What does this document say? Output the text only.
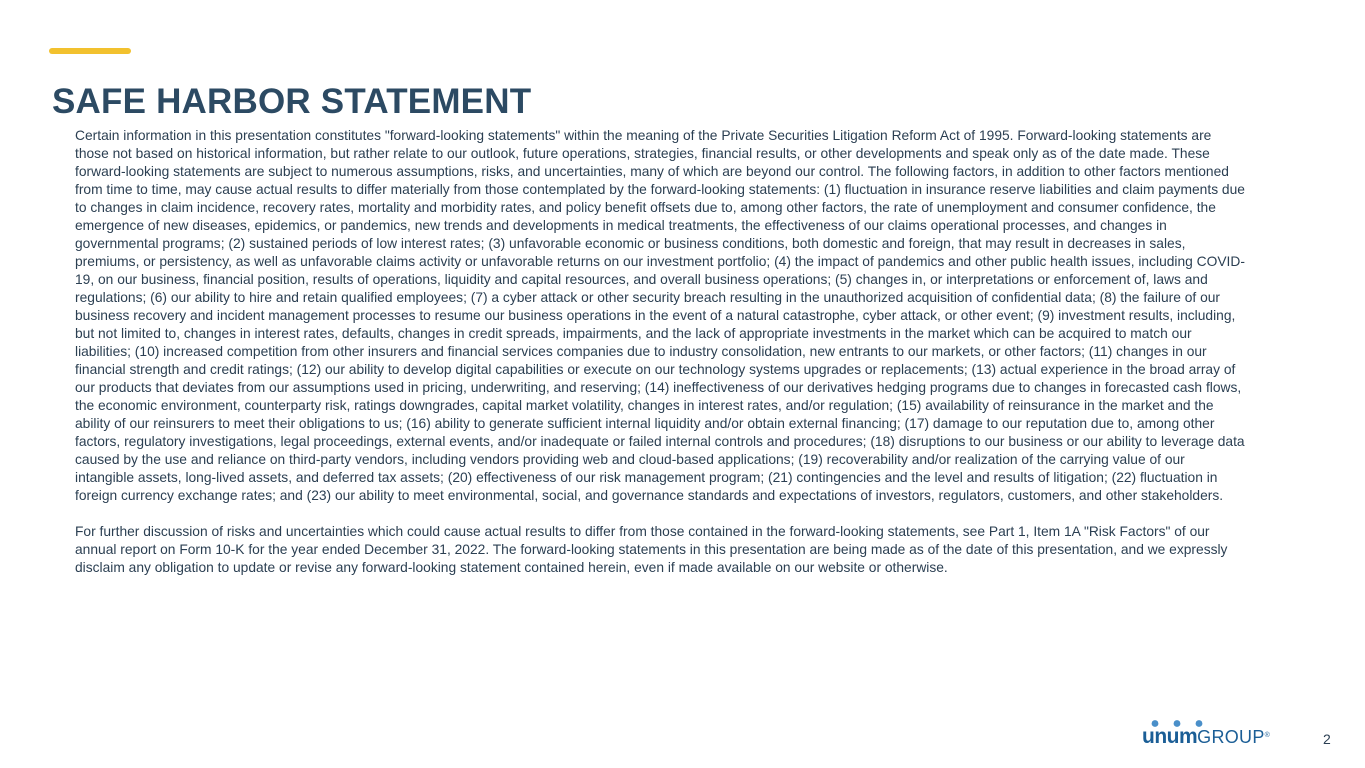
SAFE HARBOR STATEMENT

Certain information in this presentation constitutes "forward-looking statements" within the meaning of the Private Securities Litigation Reform Act of 1995. Forward-looking statements are those not based on historical information, but rather relate to our outlook, future operations, strategies, financial results, or other developments and speak only as of the date made. These forward-looking statements are subject to numerous assumptions, risks, and uncertainties, many of which are beyond our control. The following factors, in addition to other factors mentioned from time to time, may cause actual results to differ materially from those contemplated by the forward-looking statements: (1) fluctuation in insurance reserve liabilities and claim payments due to changes in claim incidence, recovery rates, mortality and morbidity rates, and policy benefit offsets due to, among other factors, the rate of unemployment and consumer confidence, the emergence of new diseases, epidemics, or pandemics, new trends and developments in medical treatments, the effectiveness of our claims operational processes, and changes in governmental programs; (2) sustained periods of low interest rates; (3) unfavorable economic or business conditions, both domestic and foreign, that may result in decreases in sales, premiums, or persistency, as well as unfavorable claims activity or unfavorable returns on our investment portfolio; (4) the impact of pandemics and other public health issues, including COVID-19, on our business, financial position, results of operations, liquidity and capital resources, and overall business operations; (5) changes in, or interpretations or enforcement of, laws and regulations; (6) our ability to hire and retain qualified employees; (7) a cyber attack or other security breach resulting in the unauthorized acquisition of confidential data; (8) the failure of our business recovery and incident management processes to resume our business operations in the event of a natural catastrophe, cyber attack, or other event; (9) investment results, including, but not limited to, changes in interest rates, defaults, changes in credit spreads, impairments, and the lack of appropriate investments in the market which can be acquired to match our liabilities; (10) increased competition from other insurers and financial services companies due to industry consolidation, new entrants to our markets, or other factors; (11) changes in our financial strength and credit ratings; (12) our ability to develop digital capabilities or execute on our technology systems upgrades or replacements; (13) actual experience in the broad array of our products that deviates from our assumptions used in pricing, underwriting, and reserving; (14) ineffectiveness of our derivatives hedging programs due to changes in forecasted cash flows, the economic environment, counterparty risk, ratings downgrades, capital market volatility, changes in interest rates, and/or regulation; (15) availability of reinsurance in the market and the ability of our reinsurers to meet their obligations to us; (16) ability to generate sufficient internal liquidity and/or obtain external financing; (17) damage to our reputation due to, among other factors, regulatory investigations, legal proceedings, external events, and/or inadequate or failed internal controls and procedures; (18) disruptions to our business or our ability to leverage data caused by the use and reliance on third-party vendors, including vendors providing web and cloud-based applications; (19) recoverability and/or realization of the carrying value of our intangible assets, long-lived assets, and deferred tax assets; (20) effectiveness of our risk management program; (21) contingencies and the level and results of litigation; (22) fluctuation in foreign currency exchange rates; and (23) our ability to meet environmental, social, and governance standards and expectations of investors, regulators, customers, and other stakeholders.

For further discussion of risks and uncertainties which could cause actual results to differ from those contained in the forward-looking statements, see Part 1, Item 1A "Risk Factors" of our annual report on Form 10-K for the year ended December 31, 2022. The forward-looking statements in this presentation are being made as of the date of this presentation, and we expressly disclaim any obligation to update or revise any forward-looking statement contained herein, even if made available on our website or otherwise.

unumGROUP®	2
